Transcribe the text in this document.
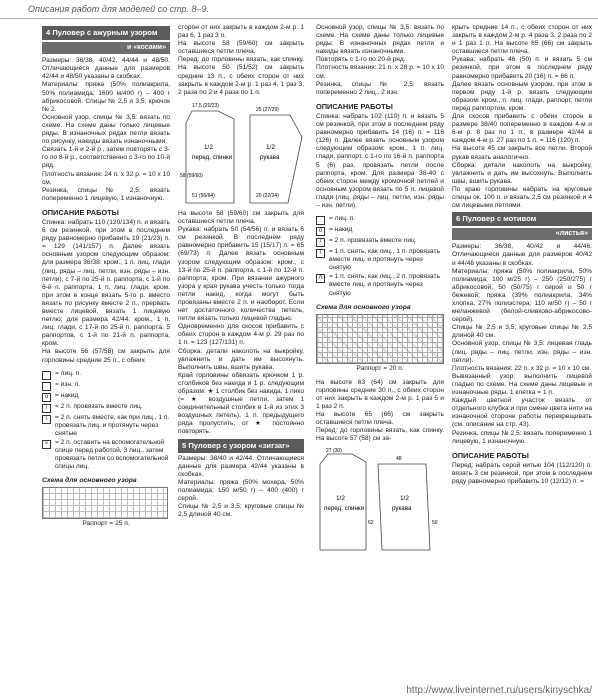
Описания работ для моделей со стр. 8–9.
4 Пуловер с ажурным узором
и «косами»

Размеры: 36/38, 40/42, 44/44 и 48/50. Отличающиеся данные для размеров 42/44 и 48/50 указаны в скобках.

Материалы: пряжа (50% полиакрила, 50% полиамида; 1600 м/400 г) – 400 г абрикосовой. Спицы № 2,5 и 3,5; крючок № 2.

Основной узор, спицы № 3,5: вязать по схеме. На схеме даны только лицевые ряды. В изнаночных рядах петли вязать по рисунку, накиды вязать изнаночными.

Связать 1-й и 2-й р., затем повторять с 3-го по 8-й р., соответственно с 3-го по 10-й ряд.

Плотность вязания: 24 п. х 32 р. = 10 х 10 см.

Резинка, спицы № 2,5: вязать попеременно 1 лицевую, 1 изнаночную.

ОПИСАНИЕ РАБОТЫ

Спинка: набрать 110 (120/134) п. и вязать 6 см резинкой, при этом в последнем ряду равномерно прибавить 19 (21/23) п. = 129 (141/157) п. Далее вязать основным узором следующим образом: для размера 36/38: кром., 1 п. лиц. глади (лиц. ряды – лиц. петли, изн. ряды – изн. петли), с 7-й по 25-й п. раппорта, с 1-й по 6-й п. раппорта, 1 п. лиц. глади, кром. при этом в конце вязать 5-го р. вместо вязать по рисунку вместе 2 п., прервать вместе лицевой, вязать 1 лицевую петлю; для размера 42/44: кром., 1 п. лиц. глади, с 17-й по 25-й п. раппорта, 5 раппортов, с 1-й по 21-й п. раппорта, кром.

На высоте 56 (57/58) см закрыть для горловины средние 25 п., с обеих

= лиц. п.
= изн. п.
о	= накид
/	= 2 п. провязать вместе лиц.
\	= 2 п. снять вместе, как при лиц., 1 п. провязать лиц. и протянуть через снятые
×	= 2 п. оставить на вспомогательной спице перед работой, 3 лиц., затем провязать петли со вспомогательной спицы лиц.
Схема для основного узора
Раппорт = 25 п.

сторон от них закрыть в каждом 2-м р. 1 раз 6, 1 раз 3 п.

На высоте 58 (59/60) см закрыть оставшиеся петли плеча.

Перед: до горловины вязать, как спинку. На высоте 50 (51/52) см закрыть средние 13 п., с обеих сторон от них закрыть в каждом 2-м р. 1 раз 4, 1 раз 3, 2 раза по 2 и 4 раза по 1 п.

1/2
перед, спинки
1/2
рукава
17,5 (20/23)
25 (27/29)
58 (59/60)
51 (56/64)	20 (22/24)

На высоте 58 (59/60) см закрыть для оставшиеся петли плеча.

Рукава: набрать 50 (54/56) п. и вязать 6 см резинкой. В последнем ряду равномерно прибавить 15 (15/17) п. = 65 (69/73) п. Далее вязать основным узором следующим образом: кром., с 13-й по 25-й п. раппорта, с 1-й по 12-й п. раппорта, кром. При вязании ажурного узора у края рукава учесть только тогда петли накид, когда могут быть провязаны вместе 2 п. и наоборот. Если нет достаточного количества петель, петли вязать только лицевой гладью.

Одновременно для скосов прибавить с обеих сторон в каждом 4-м р. 29 раз по 1 п. = 123 (127/131) п.

Сборка: детали наколоть на выкройку, увлажнить и дать им высохнуть. Выполнить швы, вшить рукава.

Край горловины обвязать крючком 1 р. столбиков без накида и 1 р. следующим образом: ★ 1 столбик без накида, 1 пико (= ★ воздушные петли, затем 1 соединительный столбик в 1-й из этих 3 воздушных петель), 1 п. предыдущего ряда пропустить, от ★ постоянно повторять.

5 Пуловер с узором «зигзаг»

Размеры: 38/40 и 42/44. Отличающиеся данные для размера 42/44 указаны в скобках.

Материалы: пряжа (50% мохера, 50% полиамида; 150 м/50 г) – 400 (400) г серой.

Спицы № 2,5 и 3,5; круговые спицы № 2,5 длиной 40 см.

Основной узор, спицы № 3,5: вязать по схеме. На схеме даны только лицевые ряды. В изнаночных рядах петли и накиды вязать изнаночными.

Повторять с 1-го по 20-й ряд.

Плотность вязания: 21 п. х 28 р. = 10 х 10 см.

Резинка, спицы № 2,5: вязать попеременно 2 лиц., 2 изн.

ОПИСАНИЕ РАБОТЫ

Спинка: набрать 102 (110) п. и вязать 5 см резинкой, при этом в последнем ряду равномерно прибавить 14 (16) п. = 116 (126) п. Далее вязать основным узором следующим образом: кром., 1 п. лиц. глади, раппорт, с 1-го по 16-й п. раппорта 5 (6) раз, провязать петли после раппорта, кром. Для размера 38-40 с обеих сторон между кромочной петлей и основным узором вязать по 5 п. лицевой глади (лиц. ряды – лиц. петли, изн. ряды – изн. петли).

= лиц. п.
о	= накид
/	= 2 п. провязать вместе лиц.
\	= 1 п. снять, как лиц., 1 п. провязать вместе лиц. и протянуть через снятую
Λ = 1 п. снять, как лиц., 2 п. провязать вместе лиц. и протянуть через снятую
Схема для основного узора
Раппорт = 20 п.

На высоте 63 (64) см закрыть для горловины средние 30 п., с обеих сторон от них закрыть в каждом 2-м р. 1 раз 5 и 1 раз 2 п.

На высоте 65 (66) см закрыть оставшиеся петли плеча.

Перед: до горловины вязать, как спинку. На высоте 57 (58) см за-

1/2
перед, спинки
1/2
рукава
27 (30)
48
62	50

крыть средние 14 п., с обеих сторон от них закрыть в каждом 2-м р. 4 раза 3, 2 раза по 2 и 1 раз 1 п. На высоте 65 (66) см закрыть оставшиеся петли плеча.

Рукава: набрать 46 (50) п. и вязать 5 см резинкой, при этом в последнем ряду равномерно прибавить 20 (16) п. = 66 п.

Далее вязать основным узором, при этом в первом ряду 1-й р. вязать следующим образом: кром., п. лиц. глади, раппорт, петли перед раппортом, кром.

Для скосов прибавить с обеих сторон в размере 38/40 попеременно в каждом 4-м и 6-м р. 8 раз по 1 п., в размере 42/44 в каждом 4-м р. 27 раз по 1 п. = 116 (120) п.

На высоте 45 см закрыть все петли. Второй рукав вязать аналогично.

Сборка: детали наколоть на выкройку, увлажнить и дать им высохнуть. Выполнить швы, вшить рукава.

По краю горловины набрать на круговые спицы ок. 100 п. и вязать 2,5 см резинкой и 4 см лицевыми петлями.

6 Пуловер с мотивом
«листья»

Размеры: 36/38, 40/42 и 44/46. Отличающиеся данные для размеров 40/42 и 44/46 указаны в скобках.

Материалы: пряжа (50% полиакрила, 50% полиамида; 100 м/25 г) – 250 (250/275) г абрикосовой, 50 (50/75) г серой и 50 г бежевой; пряжа (39% полиакрила, 34% хлопка, 27% полиэстера; 110 м/50 г) – 50 г меланжевой (белой-сливково-абрикосово-серой).

Спицы № 2,5 и 3,5; круговые спицы № 2,5 длиной 40 см.

Основной узор, спицы № 3,5: лицевая гладь (лиц. ряды – лиц. петли, изн. ряды – изн. петли).

Плотность вязания: 22 п. х 32 р. = 10 х 10 см.

Вывязанный узор: выполнить лицевой гладью по схеме. На схеме даны лицевые и изнаночные ряды. 1 клетка = 1 п.

Каждый цветной участок вязать от отдельного клубка и при смене цвета нити на изнаночной стороне работы перекрещивать (см. описание на стр. 43).

Резинка, спицы № 2,5: вязать попеременно 1 лицевую, 1 изнаночную.

ОПИСАНИЕ РАБОТЫ

Перед: набрать серой нитью 104 (112/120) п. вязать 3 см резинкой, при этом в последнем ряду равномерно прибавить 10 (12/12) п. =

http://www.liveinternet.ru/users/kinyschka/
